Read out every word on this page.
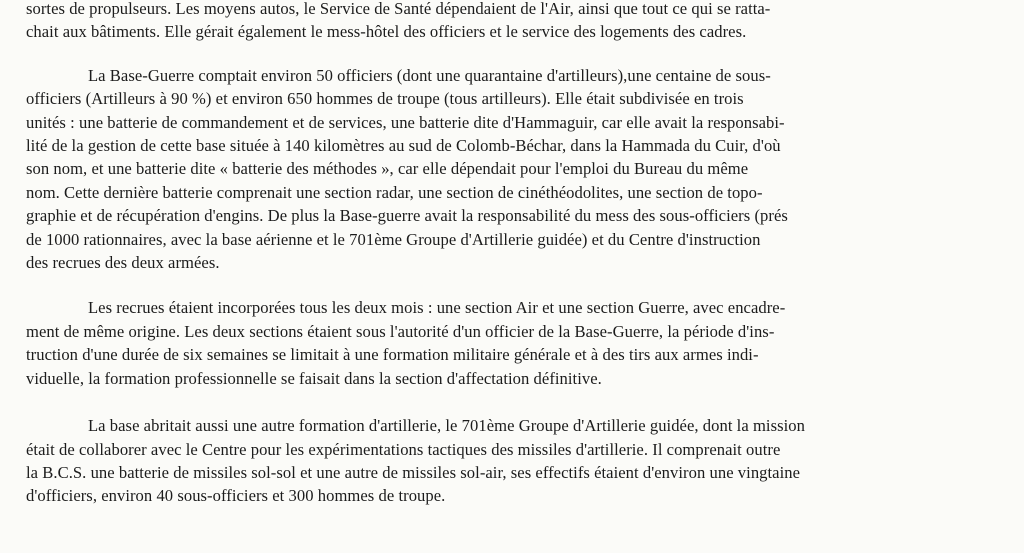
sortes de propulseurs. Les moyens autos, le Service de Santé dépendaient de l'Air, ainsi que tout ce qui se ratta-
chait aux bâtiments. Elle gérait également le mess-hôtel des officiers et le service des logements des cadres.
La Base-Guerre comptait environ 50 officiers (dont une quarantaine d'artilleurs),une centaine de sous-
officiers (Artilleurs à 90 %) et environ 650 hommes de troupe (tous artilleurs). Elle était subdivisée en trois
unités : une batterie de commandement et de services, une batterie dite d'Hammaguir, car elle avait la responsabi-
lité de la gestion de cette base située à 140 kilomètres au sud de Colomb-Béchar, dans la Hammada du Cuir, d'où
son nom, et une batterie dite « batterie des méthodes », car elle dépendait pour l'emploi du Bureau du même
nom. Cette dernière batterie comprenait une section radar, une section de cinéthéodolites, une section de topo-
graphie et de récupération d'engins. De plus la Base-guerre avait la responsabilité du mess des sous-officiers (prés
de 1000 rationnaires, avec la base aérienne et le 701ème Groupe d'Artillerie guidée) et du Centre d'instruction
des recrues des deux armées.
Les recrues étaient incorporées tous les deux mois : une section Air et une section Guerre, avec encadre-
ment de même origine. Les deux sections étaient sous l'autorité d'un officier de la Base-Guerre, la période d'ins-
truction d'une durée de six semaines se limitait à une formation militaire générale et à des tirs aux armes indi-
viduelle, la formation professionnelle se faisait dans la section d'affectation définitive.
La base abritait aussi une autre formation d'artillerie, le 701ème Groupe d'Artillerie guidée, dont la mission
était de collaborer avec le Centre pour les expérimentations tactiques des missiles d'artillerie. Il comprenait outre
la B.C.S. une batterie de missiles sol-sol et une autre de missiles sol-air, ses effectifs étaient d'environ une vingtaine
d'officiers, environ 40 sous-officiers et 300 hommes de troupe.
